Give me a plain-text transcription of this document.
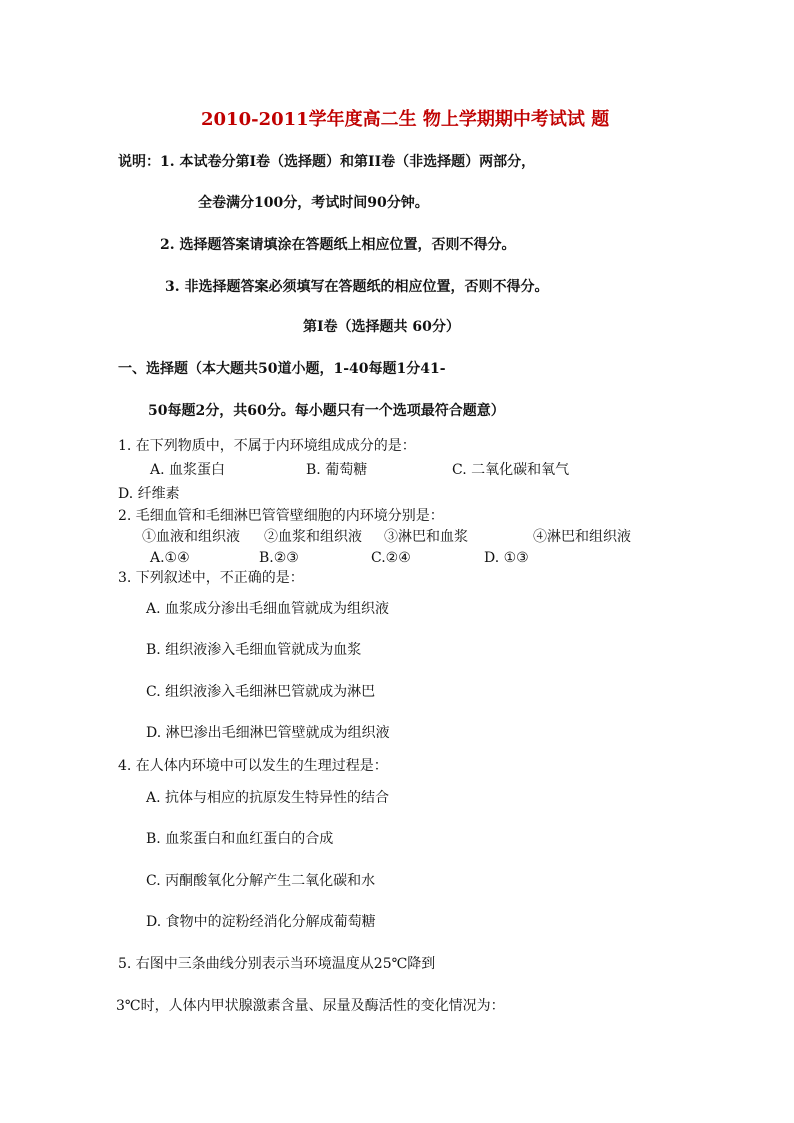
2010-2011学年度高二生 物上学期期中考试试 题
说明：1. 本试卷分第I卷（选择题）和第II卷（非选择题）两部分，
全卷满分100分，考试时间90分钟。
2. 选择题答案请填涂在答题纸上相应位置，否则不得分。
3. 非选择题答案必须填写在答题纸的相应位置，否则不得分。
第Ⅰ卷（选择题共 60分）
一、选择题（本大题共50道小题，1-40每题1分41-
50每题2分，共60分。每小题只有一个选项最符合题意）
1. 在下列物质中，不属于内环境组成成分的是：
A. 血浆蛋白	B. 葡萄糖	C. 二氧化碳和氧气
D. 纤维素
2. 毛细血管和毛细淋巴管管壁细胞的内环境分别是：
①血液和组织液 ②血浆和组织液 ③淋巴和血浆	④淋巴和组织液
A.①④	B.②③	C.②④	D. ①③
3. 下列叙述中，不正确的是：
A. 血浆成分渗出毛细血管就成为组织液
B. 组织液渗入毛细血管就成为血浆
C. 组织液渗入毛细淋巴管就成为淋巴
D. 淋巴渗出毛细淋巴管壁就成为组织液
4. 在人体内环境中可以发生的生理过程是：
A. 抗体与相应的抗原发生特异性的结合
B. 血浆蛋白和血红蛋白的合成
C. 丙酮酸氧化分解产生二氧化碳和水
D. 食物中的淀粉经消化分解成葡萄糖
5. 右图中三条曲线分别表示当环境温度从25℃降到
3℃时，人体内甲状腺激素含量、尿量及酶活性的变化情况为：
